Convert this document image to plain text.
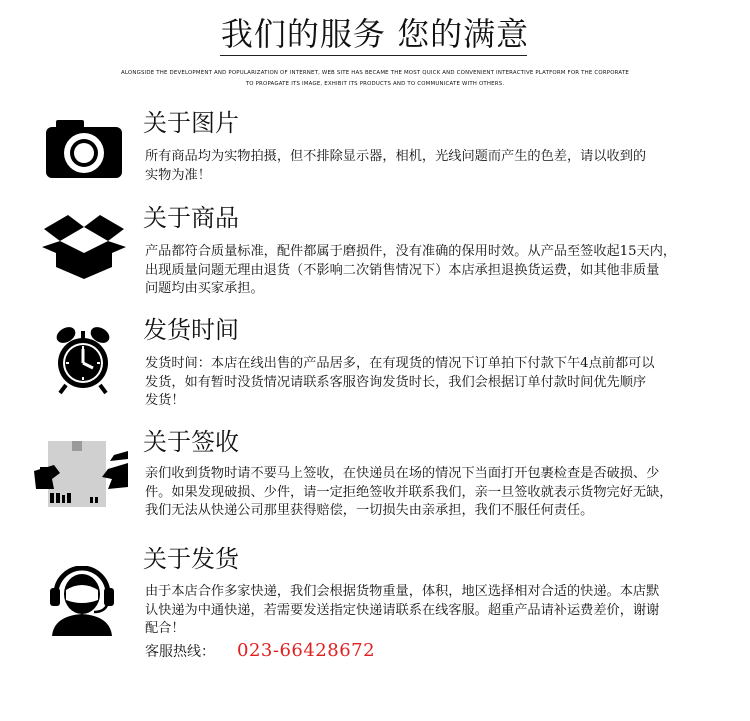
我们的服务 您的满意
ALONGSIDE THE DEVELOPMENT AND POPULARIZATION OF INTERNET, WEB SITE HAS BECAME THE MOST QUICK AND CONVENIENT INTERACTIVE PLATFORM FOR THE CORPORATE
TO PROPAGATE ITS IMAGE, EXHIBIT ITS PRODUCTS AND TO COMMUNICATE WITH OTHERS.
关于图片
所有商品均为实物拍摄，但不排除显示器，相机，光线问题而产生的色差，请以收到的
实物为准！
关于商品
产品都符合质量标准，配件都属于磨损件，没有准确的保用时效。从产品至签收起15天内，
出现质量问题无理由退货（不影响二次销售情况下）本店承担退换货运费，如其他非质量
问题均由买家承担。
发货时间
发货时间：本店在线出售的产品居多，在有现货的情况下订单拍下付款下午4点前都可以
发货，如有暂时没货情况请联系客服咨询发货时长，我们会根据订单付款时间优先顺序
发货！
关于签收
亲们收到货物时请不要马上签收，在快递员在场的情况下当面打开包裹检查是否破损、少
件。如果发现破损、少件，请一定拒绝签收并联系我们，亲一旦签收就表示货物完好无缺，
我们无法从快递公司那里获得赔偿，一切损失由亲承担，我们不服任何责任。
关于发货
由于本店合作多家快递，我们会根据货物重量，体积，地区选择相对合适的快递。本店默
认快递为中通快递，若需要发送指定快递请联系在线客服。超重产品请补运费差价，谢谢
配合！
客服热线： 023-66428672
